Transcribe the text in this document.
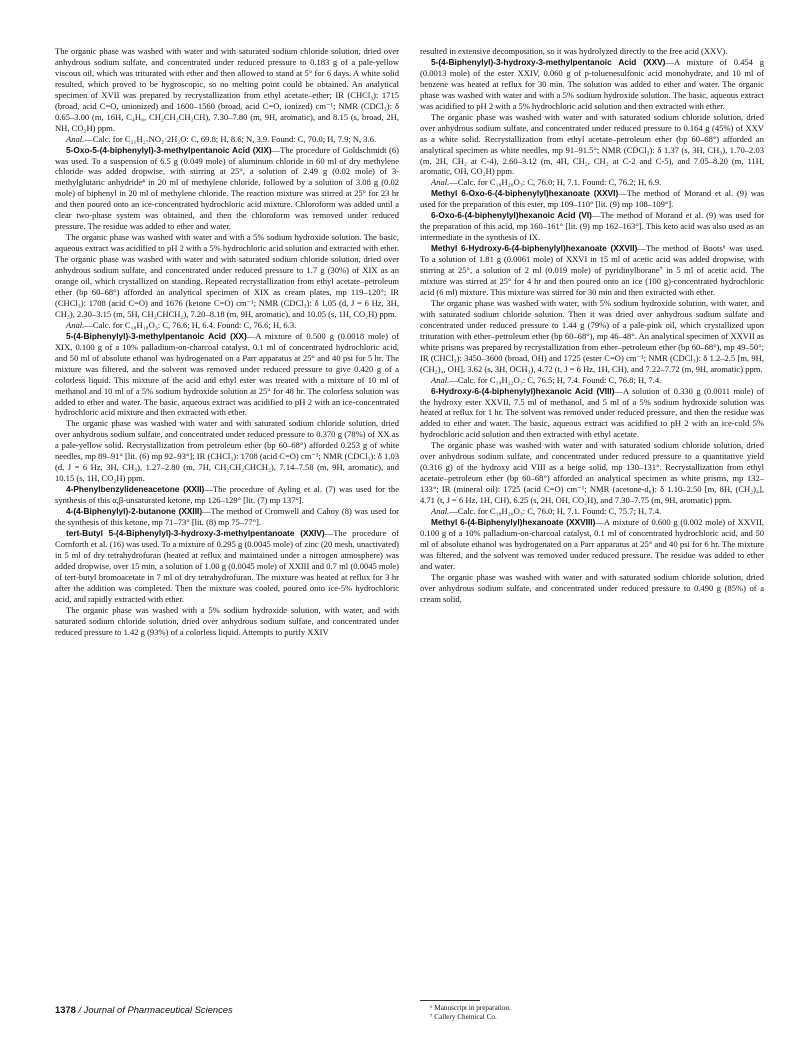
The organic phase was washed with water and with saturated sodium chloride solution, dried over anhydrous sodium sulfate, and concentrated under reduced pressure to 0.183 g of a pale-yellow viscous oil, which was triturated with ether and then allowed to stand at 5° for 6 days. A white solid resulted, which proved to be hygroscopic, so no melting point could be obtained. An analytical specimen of XVII was prepared by recrystallization from ethyl acetate–ether; IR (CHCl₃): 1715 (broad, acid C=O, unionized) and 1600–1560 (broad, acid C=O, ionized) cm⁻¹; NMR (CDCl₃): δ 0.65–3.00 (m, 16H, C₄H₈, CH₂CH₂CH₂CH), 7.30–7.80 (m, 9H, aromatic), and 8.15 (s, broad, 2H, NH, CO₂H) ppm.

Anal.—Calc. for C₂₁H₂₇NO₂·2H₂O: C, 69.8; H, 8.6; N, 3.9. Found: C, 70.0; H, 7.9; N, 3.6.

5-Oxo-5-(4-biphenylyl)-3-methylpentanoic Acid (XIX)—The procedure of Goldschmidt (6) was used. To a suspension of 6.5 g (0.049 mole) of aluminum chloride in 60 ml of dry methylene chloride was added dropwise, with stirring at 25°, a solution of 2.49 g (0.02 mole) of 3-methylglutaric anhydride⁴ in 20 ml of methylene chloride, followed by a solution of 3.08 g (0.02 mole) of biphenyl in 20 ml of methylene chloride. The reaction mixture was stirred at 25° for 23 hr and then poured onto an ice-concentrated hydrochloric acid mixture. Chloroform was added until a clear two-phase system was obtained, and then the chloroform was removed under reduced pressure. The residue was added to ether and water.

The organic phase was washed with water and with a 5% sodium hydroxide solution. The basic, aqueous extract was acidified to pH 2 with a 5% hydrochloric acid solution and extracted with ether. The organic phase was washed with water and with saturated sodium chloride solution, dried over anhydrous sodium sulfate, and concentrated under reduced pressure to 1.7 g (30%) of XIX as an orange oil, which crystallized on standing. Repeated recrystallization from ethyl acetate–petroleum ether (bp 60–68°) afforded an analytical specimen of XIX as cream plates, mp 119–120°; IR (CHCl₃): 1708 (acid C=O) and 1676 (ketone C=O) cm⁻¹; NMR (CDCl₃): δ 1.05 (d, J = 6 Hz, 3H, CH₃), 2.30–3.15 (m, 5H, CH₂CHCH₂), 7.20–8.18 (m, 9H, aromatic), and 10.05 (s, 1H, CO₂H) ppm.

Anal.—Calc. for C₁₈H₁₈O₃: C, 76.6; H, 6.4. Found: C, 76.6; H, 6.3.

5-(4-Biphenylyl)-3-methylpentanoic Acid (XX)—A mixture of 0.500 g (0.0018 mole) of XIX, 0.100 g of a 10% palladium-on-charcoal catalyst, 0.1 ml of concentrated hydrochloric acid, and 50 ml of absolute ethanol was hydrogenated on a Parr apparatus at 25° and 40 psi for 5 hr. The mixture was filtered, and the solvent was removed under reduced pressure to give 0.420 g of a colorless liquid. This mixture of the acid and ethyl ester was treated with a mixture of 10 ml of methanol and 10 ml of a 5% sodium hydroxide solution at 25° for 48 hr. The colorless solution was added to ether and water. The basic, aqueous extract was acidified to pH 2 with an ice-concentrated hydrochloric acid mixture and then extracted with ether.

The organic phase was washed with water and with saturated sodium chloride solution, dried over anhydrous sodium sulfate, and concentrated under reduced pressure to 0.370 g (78%) of XX as a pale-yellow solid. Recrystallization from petroleum ether (bp 60–68°) afforded 0.253 g of white needles, mp 89–91° [lit. (6) mp 92–93°]; IR (CHCl₃): 1708 (acid C=O) cm⁻¹; NMR (CDCl₃): δ 1.03 (d, J = 6 Hz, 3H, CH₃), 1.27–2.80 (m, 7H, CH₂CH₂CHCH₂), 7.14–7.58 (m, 9H, aromatic), and 10.15 (s, 1H, CO₂H) ppm.

4-Phenylbenzylideneacetone (XXII)—The procedure of Ayling et al. (7) was used for the synthesis of this α,β-unsaturated ketone, mp 126–129° [lit. (7) mp 137°].

4-(4-Biphenylyl)-2-butanone (XXIII)—The method of Cromwell and Cahoy (8) was used for the synthesis of this ketone, mp 71–73° [lit. (8) mp 75–77°].

tert-Butyl 5-(4-Biphenylyl)-3-hydroxy-3-methylpentanoate (XXIV)—The procedure of Cornforth et al. (16) was used. To a mixture of 0.295 g (0.0045 mole) of zinc (20 mesh, unactivated) in 5 ml of dry tetrahydrofuran (heated at reflux and maintained under a nitrogen atmosphere) was added dropwise, over 15 min, a solution of 1.00 g (0.0045 mole) of XXIII and 0.7 ml (0.0045 mole) of tert-butyl bromoacetate in 7 ml of dry tetrahydrofuran. The mixture was heated at reflux for 3 hr after the addition was completed. Then the mixture was cooled, poured onto ice-5% hydrochloric acid, and rapidly extracted with ether.

The organic phase was washed with a 5% sodium hydroxide solution, with water, and with saturated sodium chloride solution, dried over anhydrous sodium sulfate, and concentrated under reduced pressure to 1.42 g (93%) of a colorless liquid. Attempts to purify XXIV

resulted in extensive decomposition, so it was hydrolyzed directly to the free acid (XXV).

5-(4-Biphenylyl)-3-hydroxy-3-methylpentanoic Acid (XXV)—A mixture of 0.454 g (0.0013 mole) of the ester XXIV, 0.060 g of p-toluenesulfonic acid monohydrate, and 10 ml of benzene was heated at reflux for 30 min. The solution was added to ether and water. The organic phase was washed with water and with a 5% sodium hydroxide solution. The basic, aqueous extract was acidified to pH 2 with a 5% hydrochloric acid solution and then extracted with ether.

The organic phase was washed with water and with saturated sodium chloride solution, dried over anhydrous sodium sulfate, and concentrated under reduced pressure to 0.164 g (45%) of XXV as a white solid. Recrystallization from ethyl acetate–petroleum ether (bp 60–68°) afforded an analytical specimen as white needles, mp 91–91.5°; NMR (CDCl₃): δ 1.37 (s, 3H, CH₃), 1.70–2.03 (m, 2H, CH₂ at C-4), 2.60–3.12 (m, 4H, CH₂, CH₂ at C-2 and C-5), and 7.05–8.20 (m, 11H, aromatic, OH, CO₂H) ppm.

Anal.—Calc. for C₁₈H₂₀O₃: C, 76.0; H, 7.1. Found: C, 76.2; H, 6.9.

Methyl 6-Oxo-6-(4-biphenylyl)hexanoate (XXVI)—The method of Morand et al. (9) was used for the preparation of this ester, mp 109–110° [lit. (9) mp 108–109°].

6-Oxo-6-(4-biphenylyl)hexanoic Acid (VI)—The method of Morand et al. (9) was used for the preparation of this acid, mp 160–161° [lit. (9) mp 162–163°]. This keto acid was also used as an intermediate in the synthesis of IX.

Methyl 6-Hydroxy-6-(4-biphenylyl)hexanoate (XXVII)—The method of Boots⁶ was used. To a solution of 1.81 g (0.0061 mole) of XXVI in 15 ml of acetic acid was added dropwise, with stirring at 25°, a solution of 2 ml (0.019 mole) of pyridinylborane⁷ in 5 ml of acetic acid. The mixture was stirred at 25° for 4 hr and then poured onto an ice (100 g)-concentrated hydrochloric acid (6 ml) mixture. This mixture was stirred for 30 min and then extracted with ether.

The organic phase was washed with water, with 5% sodium hydroxide solution, with water, and with saturated sodium chloride solution. Then it was dried over anhydrous sodium sulfate and concentrated under reduced pressure to 1.44 g (79%) of a pale-pink oil, which crystallized upon trituration with ether–petroleum ether (bp 60–68°), mp 46–48°. An analytical specimen of XXVII as white prisms was prepared by recrystallization from ether–petroleum ether (bp 60–68°), mp 49–50°; IR (CHCl₃): 3450–3600 (broad, OH) and 1725 (ester C=O) cm⁻¹; NMR (CDCl₃): δ 1.2–2.5 [m, 9H, (CH₂)₄, OH], 3.62 (s, 3H, OCH₃), 4.72 (t, J = 6 Hz, 1H, CH), and 7.22–7.72 (m, 9H, aromatic) ppm.

Anal.—Calc. for C₁₉H₂₂O₃: C, 76.5; H, 7.4. Found: C, 76.8; H, 7.4.

6-Hydroxy-6-(4-biphenylyl)hexanoic Acid (VIII)—A solution of 0.330 g (0.0011 mole) of the hydroxy ester XXVII, 7.5 ml of methanol, and 5 ml of a 5% sodium hydroxide solution was heated at reflux for 1 hr. The solvent was removed under reduced pressure, and then the residue was added to ether and water. The basic, aqueous extract was acidified to pH 2 with an ice-cold 5% hydrochloric acid solution and then extracted with ethyl acetate.

The organic phase was washed with water and with saturated sodium chloride solution, dried over anhydrous sodium sulfate, and concentrated under reduced pressure to a quantitative yield (0.316 g) of the hydroxy acid VIII as a beige solid, mp 130–131°. Recrystallization from ethyl acetate–petroleum ether (bp 60–68°) afforded an analytical specimen as white prisms, mp 132–133°; IR (mineral oil): 1725 (acid C=O) cm⁻¹; NMR (acetone-d₆): δ 1.10–2.50 [m, 8H, (CH₂)₄], 4.71 (t, J = 6 Hz, 1H, CH), 6.25 (s, 2H, OH, CO₂H), and 7.30–7.75 (m, 9H, aromatic) ppm.

Anal.—Calc. for C₁₈H₂₀O₃: C, 76.0; H, 7.1. Found: C, 75.7; H, 7.4.

Methyl 6-(4-Biphenylyl)hexanoate (XXVIII)—A mixture of 0.600 g (0.002 mole) of XXVII, 0.100 g of a 10% palladium-on-charcoal catalyst, 0.1 ml of concentrated hydrochloric acid, and 50 ml of absolute ethanol was hydrogenated on a Parr apparatus at 25° and 40 psi for 6 hr. The mixture was filtered, and the solvent was removed under reduced pressure. The residue was added to ether and water.

The organic phase was washed with water and with saturated sodium chloride solution, dried over anhydrous sodium sulfate, and concentrated under reduced pressure to 0.490 g (85%) of a cream solid,

⁶ Manuscript in preparation.
⁷ Callery Chemical Co.
1378 / Journal of Pharmaceutical Sciences
